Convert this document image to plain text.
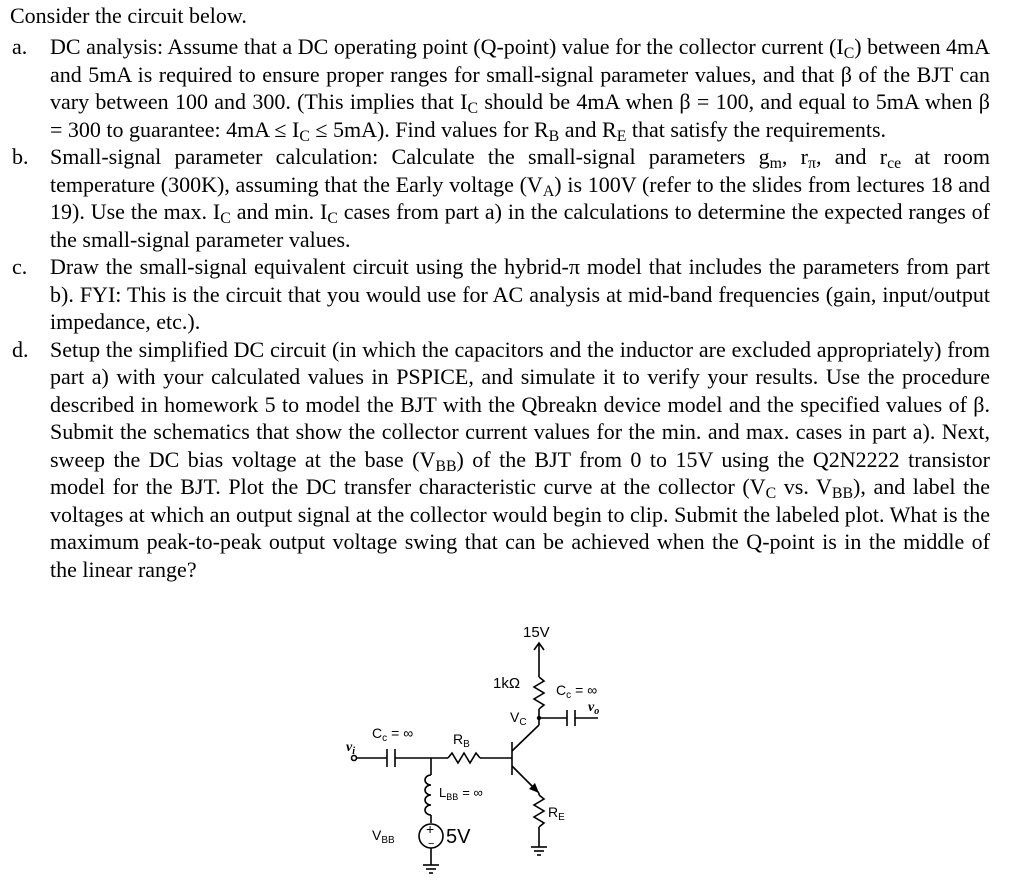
Consider the circuit below.
a. DC analysis: Assume that a DC operating point (Q-point) value for the collector current $(I_C)$ between 4mA and 5mA is required to ensure proper ranges for small-signal parameter values, and that β of the BJT can vary between 100 and 300. (This implies that $I_C$ should be 4mA when β = 100, and equal to 5mA when β = 300 to guarantee: $4mA \le I_C \le 5mA$). Find values for $R_B$ and $R_E$ that satisfy the requirements.
b. Small-signal parameter calculation: Calculate the small-signal parameters $g_m$, $r_\pi$, and $r_{ce}$ at room temperature (300K), assuming that the Early voltage $(V_A)$ is 100V (refer to the slides from lectures 18 and 19). Use the max. $I_C$ and min. $I_C$ cases from part a) in the calculations to determine the expected ranges of the small-signal parameter values.
c. Draw the small-signal equivalent circuit using the hybrid-π model that includes the parameters from part b). FYI: This is the circuit that you would use for AC analysis at mid-band frequencies (gain, input/output impedance, etc.).
d. Setup the simplified DC circuit (in which the capacitors and the inductor are excluded appropriately) from part a) with your calculated values in PSPICE, and simulate it to verify your results. Use the procedure described in homework 5 to model the BJT with the Qbreakn device model and the specified values of β. Submit the schematics that show the collector current values for the min. and max. cases in part a). Next, sweep the DC bias voltage at the base $(V_{BB})$ of the BJT from 0 to 15V using the Q2N2222 transistor model for the BJT. Plot the DC transfer characteristic curve at the collector ($V_C$ vs. $V_{BB}$), and label the voltages at which an output signal at the collector would begin to clip. Submit the labeled plot. What is the maximum peak-to-peak output voltage swing that can be achieved when the Q-point is in the middle of the linear range?
15V
1kΩ	$C_c$ = ∞
$V_C$
$v_o$
$C_c$ = ∞
$v_i$
$R_B$
$L_{BB}$ = ∞
$R_E$
$V_{BB}$
+
− 5V
